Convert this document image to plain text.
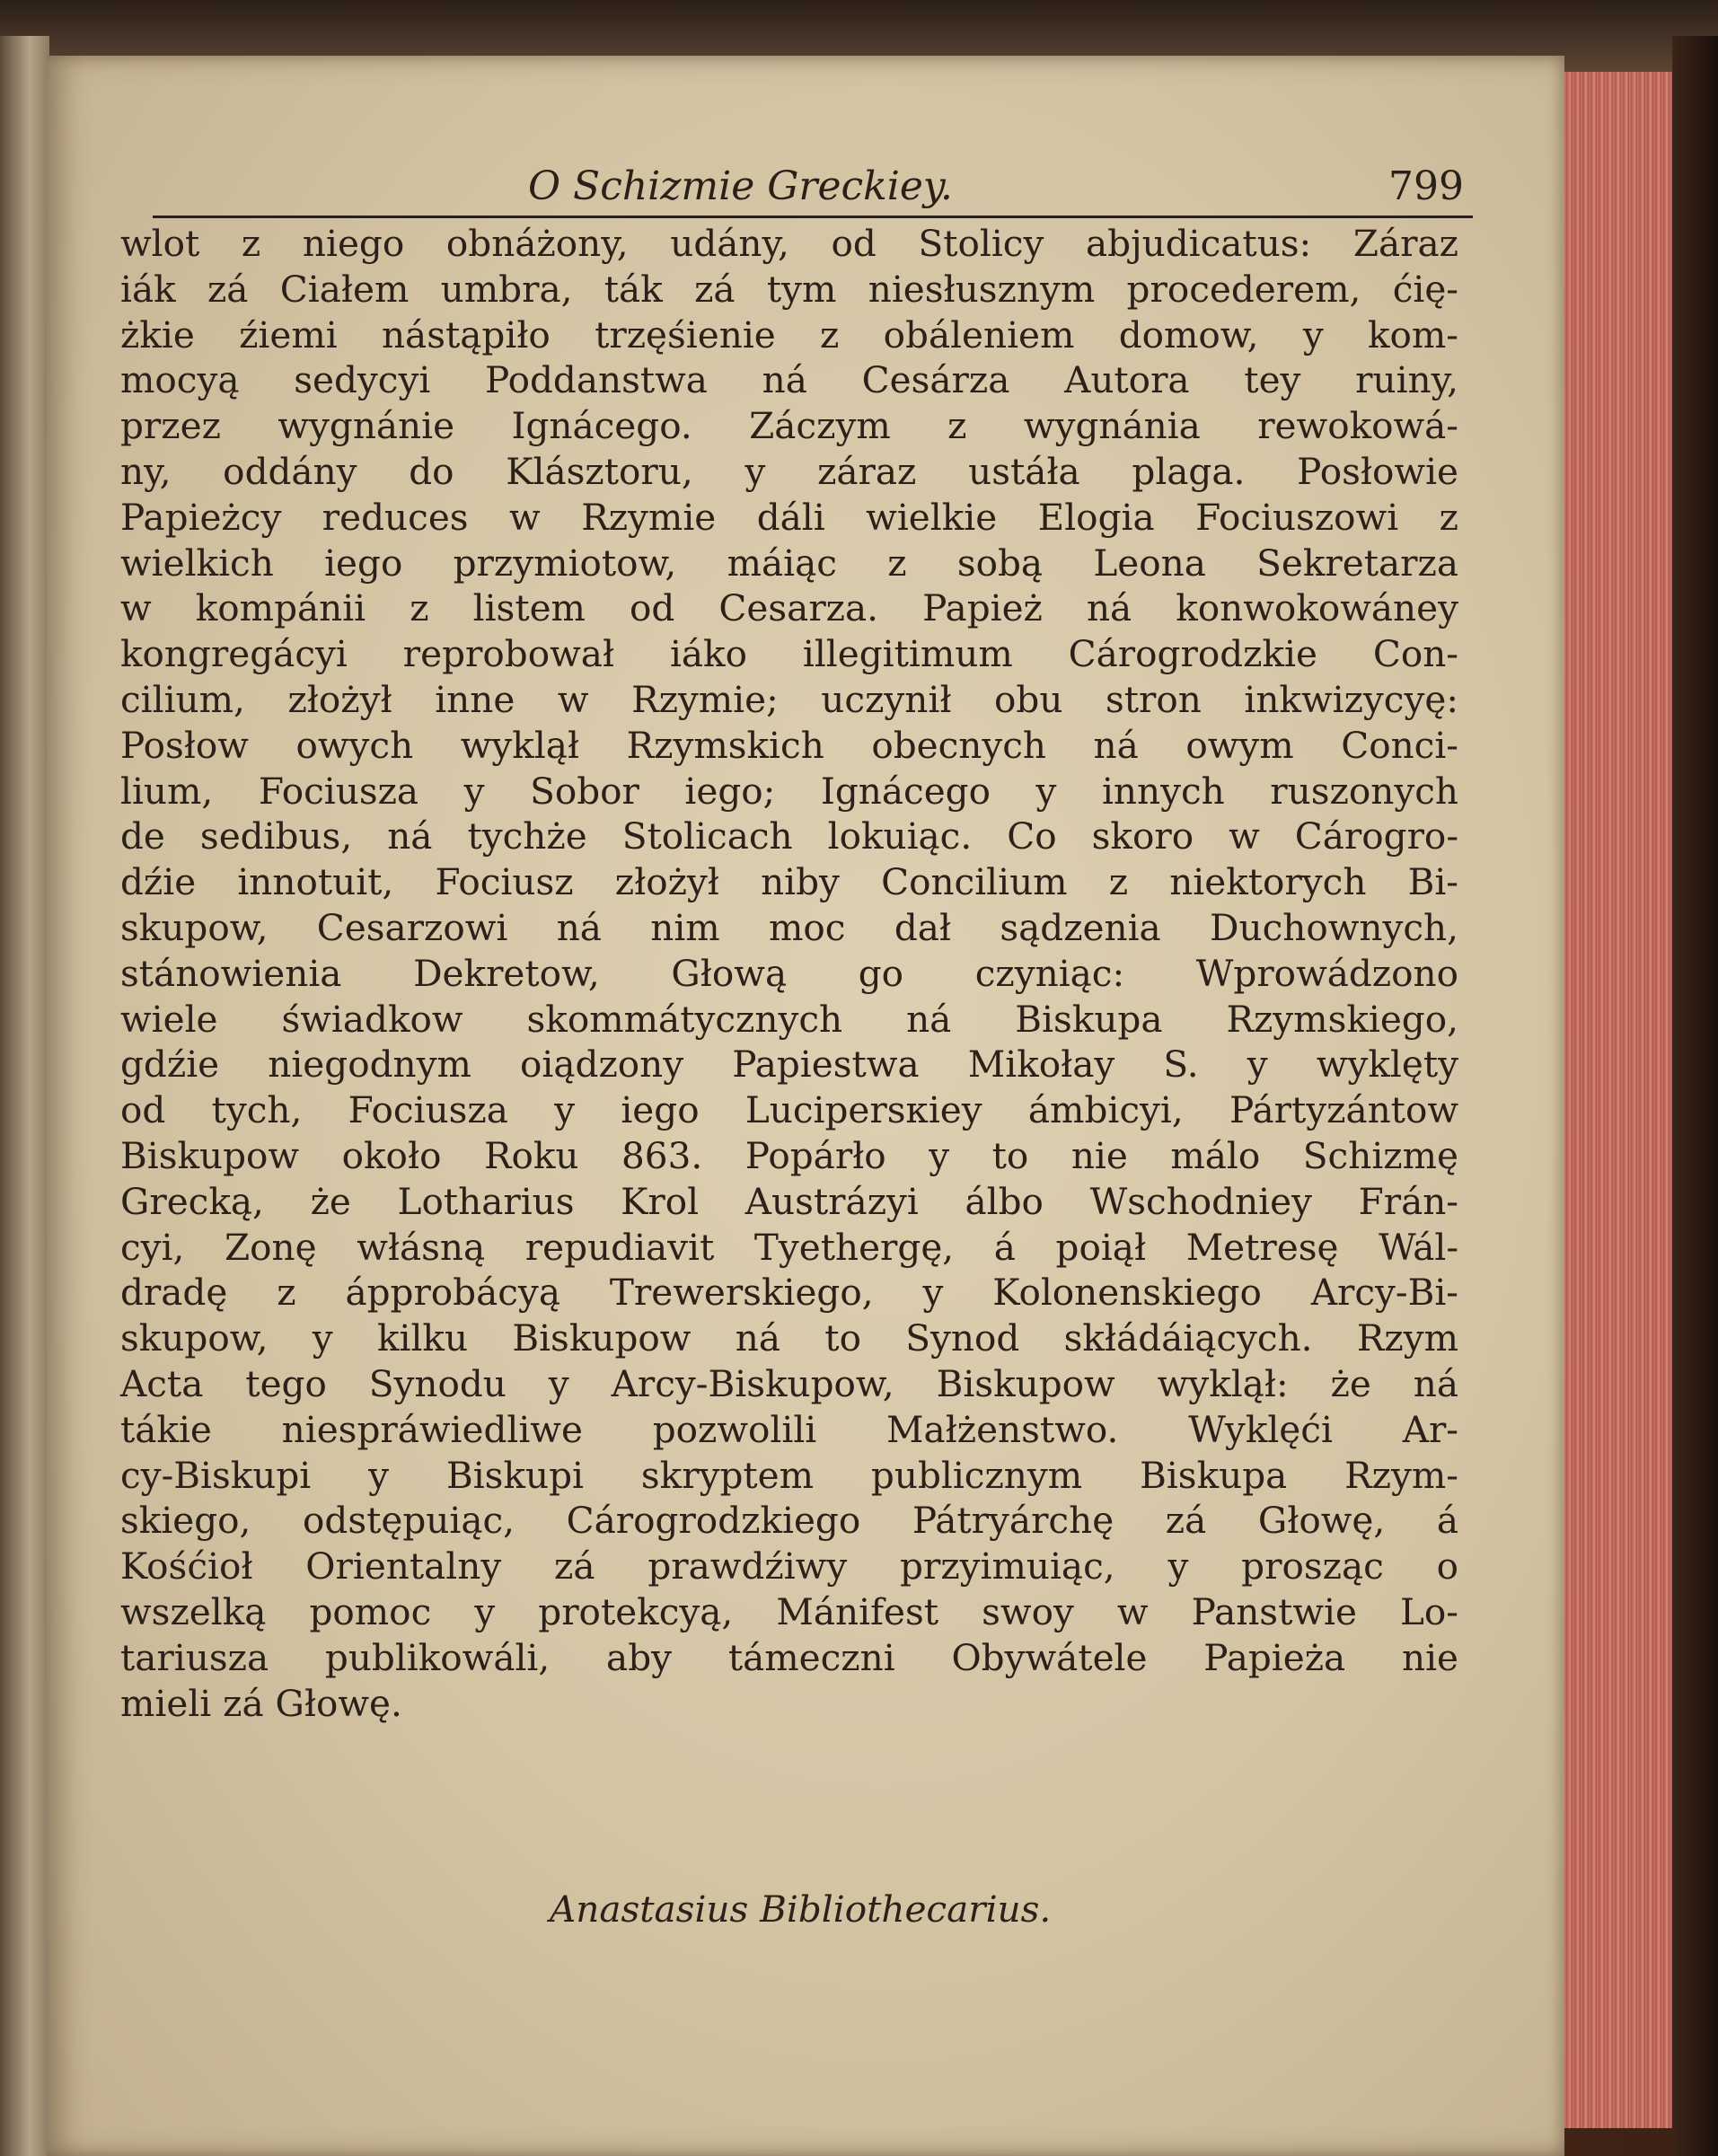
O Schizmie Greckiey.	799
wlot z niego obnáżony, udány, od Stolicy abjudicatus: Záraz
iák zá Ciałem umbra, ták zá tym niesłusznym procederem, ćię-
żkie źiemi nástąpiło trzęśienie z obáleniem domow, y kom-
mocyą sedycyi Poddanstwa ná Cesárza Autora tey ruiny,
przez wygnánie Ignácego. Záczym z wygnánia rewokowá-
ny, oddány do Klásztoru, y záraz ustáła plaga. Posłowie
Papieżcy reduces w Rzymie dáli wielkie Elogia Fociuszowi z
wielkich iego przymiotow, máiąc z sobą Leona Sekretarza
w kompánii z listem od Cesarza. Papież ná konwokowáney
kongregácyi reprobował iáko illegitimum Cárogrodzkie Con-
cilium, złożył inne w Rzymie; uczynił obu stron inkwizycyę:
Posłow owych wyklął Rzymskich obecnych ná owym Conci-
lium, Fociusza y Sobor iego; Ignácego y innych ruszonych
de sedibus, ná tychże Stolicach lokuiąc. Co skoro w Cárogro-
dźie innotuit, Fociusz złożył niby Concilium z niektorych Bi-
skupow, Cesarzowi ná nim moc dał sądzenia Duchownych,
stánowienia Dekretow, Głową go czyniąc: Wprowádzono
wiele świadkow skommátycznych ná Biskupa Rzymskiego,
gdźie niegodnym oiądzony Papiestwa Mikołay S. y wyklęty
od tych, Fociusza y iego Lucipersкiey ámbicyi, Pártyzántow
Biskupow około Roku 863. Popárło y to nie málo Schizmę
Grecką, że Lotharius Krol Austrázyi álbo Wschodniey Frán-
cyi, Zonę włásną repudiavit Tyethergę, á poiął Metresę Wál-
dradę z ápprobácyą Trewerskiego, y Kolonenskiego Arcy-Bi-
skupow, y kilku Biskupow ná to Synod skłádáiących. Rzym
Acta tego Synodu y Arcy-Biskupow, Biskupow wyklął: że ná
tákie niespráwiedliwe pozwolili Małżenstwo. Wyklęći Ar-
cy-Biskupi y Biskupi skryptem publicznym Biskupa Rzym-
skiego, odstępuiąc, Cárogrodzkiego Pátryárchę zá Głowę, á
Kośćioł Orientalny zá prawdźiwy przyimuiąc, y prosząc o
wszelką pomoc y protekcyą, Mánifest swoy w Panstwie Lo-
tariusza publikowáli, aby támeczni Obywátele Papieża nie
mieli zá Głowę.
Anastasius Bibliothecarius.
